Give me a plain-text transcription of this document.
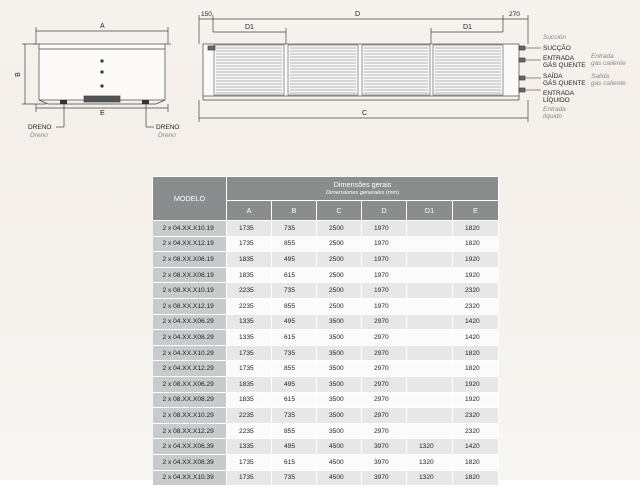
A
B
E
DRENO
Dreno
DRENO
Dreno
150	D	270
D1	D1
C
Succión
SUCÇÃO
ENTRADA
GÁS QUENTE
Entrada
gas caliente
SAÍDA
GÁS QUENTE
Salida
gas caliente
ENTRADA
LÍQUIDO
Entrada
líquido
MODELO	Dimensões gerais
Dimensiones generales (mm)					

	A	B	C	D	D1	E
2 x 04.XX.X10.19	1735	735	2500	1970		1820
2 x 04.XX.X12.19	1735	855	2500	1970		1820
2 x 08.XX.X06.19	1835	495	2500	1970		1920
2 x 08.XX.X08.19	1835	615	2500	1970		1920
2 x 08.XX.X10.19	2235	735	2500	1970		2320
2 x 08.XX.X12.19	2235	855	2500	1970		2320
2 x 04.XX.X06.29	1335	495	3500	2970		1420
2 x 04.XX.X08.29	1335	615	3500	2970		1420
2 x 04.XX.X10.29	1735	735	3500	2970		1820
2 x 04.XX.X12.29	1735	855	3500	2970		1820
2 x 08.XX.X06.29	1835	495	3500	2970		1920
2 x 08.XX.X08.29	1835	615	3500	2970		1920
2 x 08.XX.X10.29	2235	735	3500	2970		2320
2 x 08.XX.X12.29	2235	855	3500	2970		2320
2 x 04.XX.X06.39	1335	495	4500	3970	1320	1420
2 x 04.XX.X08.39	1735	615	4500	3970	1320	1820
2 x 04.XX.X10.39	1735	735	4500	3970	1320	1820
